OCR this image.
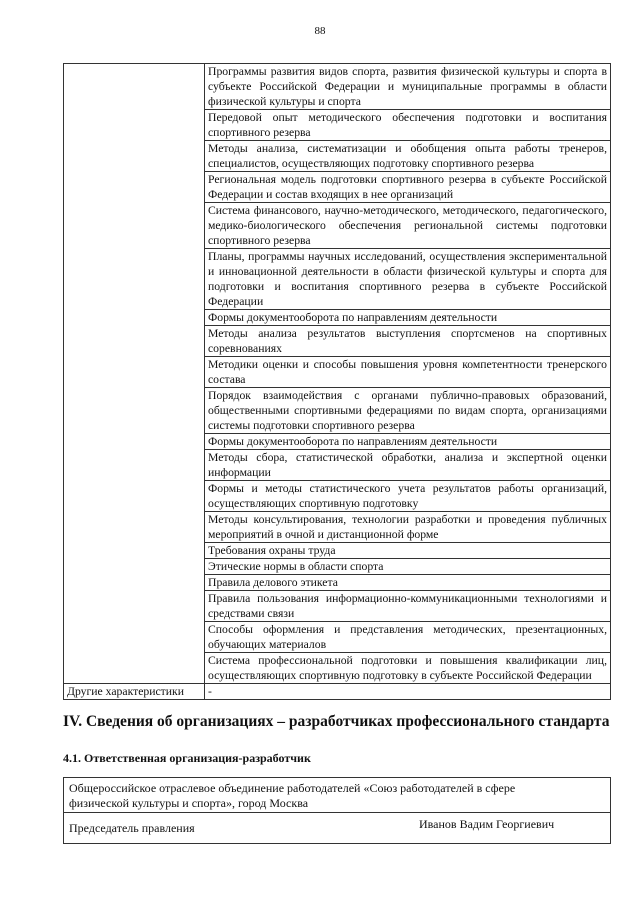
88
	Программы развития видов спорта, развития физической культуры и спорта в субъекте Российской Федерации и муниципальные программы в области физической культуры и спорта
	Передовой опыт методического обеспечения подготовки и воспитания спортивного резерва
	Методы анализа, систематизации и обобщения опыта работы тренеров, специалистов, осуществляющих подготовку спортивного резерва
	Региональная модель подготовки спортивного резерва в субъекте Российской Федерации и состав входящих в нее организаций
	Система финансового, научно-методического, методического, педагогического, медико-биологического обеспечения региональной системы подготовки спортивного резерва
	Планы, программы научных исследований, осуществления экспериментальной и инновационной деятельности в области физической культуры и спорта для подготовки и воспитания спортивного резерва в субъекте Российской Федерации
	Формы документооборота по направлениям деятельности
	Методы анализа результатов выступления спортсменов на спортивных соревнованиях
	Методики оценки и способы повышения уровня компетентности тренерского состава
	Порядок взаимодействия с органами публично-правовых образований, общественными спортивными федерациями по видам спорта, организациями системы подготовки спортивного резерва
	Формы документооборота по направлениям деятельности
	Методы сбора, статистической обработки, анализа и экспертной оценки информации
	Формы и методы статистического учета результатов работы организаций, осуществляющих спортивную подготовку
	Методы консультирования, технологии разработки и проведения публичных мероприятий в очной и дистанционной форме
	Требования охраны труда
	Этические нормы в области спорта
	Правила делового этикета
	Правила пользования информационно-коммуникационными технологиями и средствами связи
	Способы оформления и представления методических, презентационных, обучающих материалов
	Система профессиональной подготовки и повышения квалификации лиц, осуществляющих спортивную подготовку в субъекте Российской Федерации
Другие характеристики	-
IV. Сведения об организациях – разработчиках профессионального стандарта
4.1. Ответственная организация-разработчик
Общероссийское отраслевое объединение работодателей «Союз работодателей в сфере физической культуры и спорта», город Москва
Председатель правления	Иванов Вадим Георгиевич
